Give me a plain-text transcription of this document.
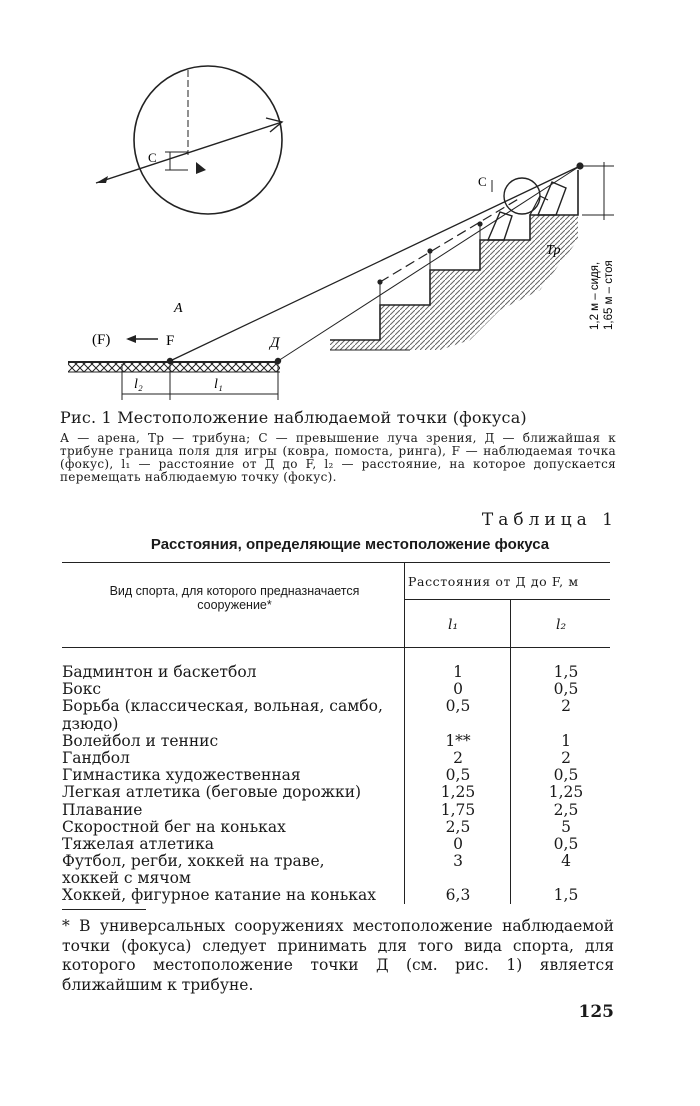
С
l₂	l₁
А
(F)	F	Д
С
Тр
1,2 м – сидя, 1,65 м – стоя

Рис. 1 Местоположение наблюдаемой точки (фокуса)

А — арена, Тр — трибуна; С — превышение луча зрения, Д — ближайшая к трибуне граница поля для игры (ковра, помоста, ринга), F — наблюдаемая точка (фокус), l₁ — расстояние от Д до F, l₂ — расстояние, на которое допускается перемещать наблюдаемую точку (фокус).

Таблица 1
Расстояния, определяющие местоположение фокуса
Вид спорта, для которого предназначается сооружение*
Расстояния от Д до F, м
l₁	l₂
Бадминтон и баскетбол	1	1,5
Бокс	0	0,5
Борьба (классическая, вольная, самбо,
дзюдо)
0,5	2
Волейбол и теннис	1**	1
Гандбол	2	2
Гимнастика художественная	0,5	0,5
Легкая атлетика (беговые дорожки)	1,25	1,25
Плавание	1,75	2,5
Скоростной бег на коньках	2,5	5
Тяжелая атлетика	0	0,5
Футбол, регби, хоккей на траве,
хоккей с мячом
3	4
Хоккей, фигурное катание на коньках	6,3	1,5
* В универсальных сооружениях местоположение наблюдаемой точки (фокуса) следует принимать для того вида спорта, для которого местоположение точки Д (см. рис. 1) является ближайшим к трибуне.
125
